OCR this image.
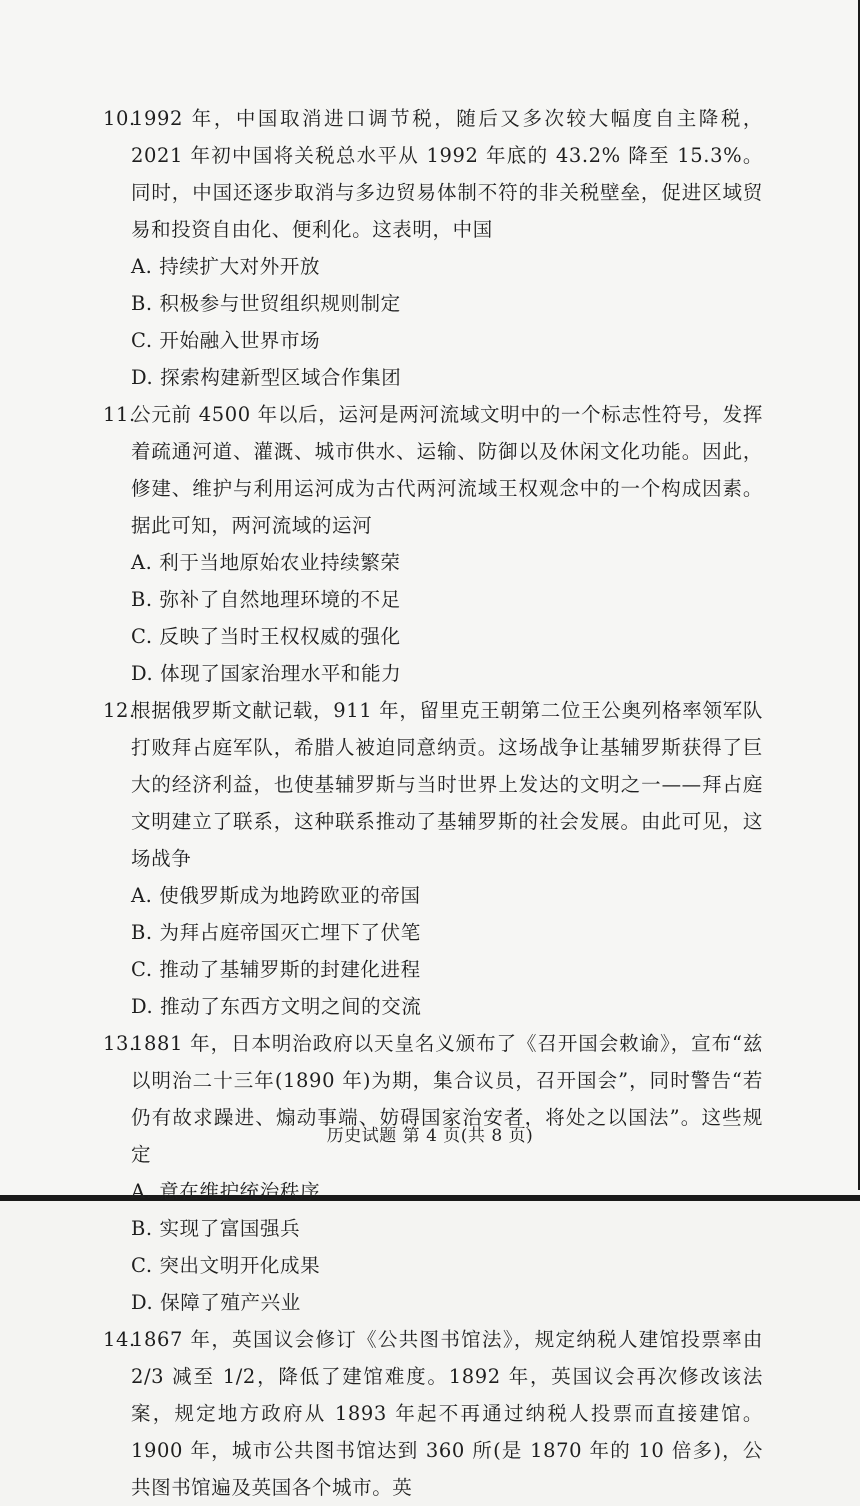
10.1992 年，中国取消进口调节税，随后又多次较大幅度自主降税，2021 年初中国将关税总水平从 1992 年底的 43.2% 降至 15.3%。同时，中国还逐步取消与多边贸易体制不符的非关税壁垒，促进区域贸易和投资自由化、便利化。这表明，中国

A. 持续扩大对外开放
B. 积极参与世贸组织规则制定
C. 开始融入世界市场
D. 探索构建新型区域合作集团

11.公元前 4500 年以后，运河是两河流域文明中的一个标志性符号，发挥着疏通河道、灌溉、城市供水、运输、防御以及休闲文化功能。因此，修建、维护与利用运河成为古代两河流域王权观念中的一个构成因素。据此可知，两河流域的运河

A. 利于当地原始农业持续繁荣
B. 弥补了自然地理环境的不足
C. 反映了当时王权权威的强化
D. 体现了国家治理水平和能力

12.根据俄罗斯文献记载，911 年，留里克王朝第二位王公奥列格率领军队打败拜占庭军队，希腊人被迫同意纳贡。这场战争让基辅罗斯获得了巨大的经济利益，也使基辅罗斯与当时世界上发达的文明之一——拜占庭文明建立了联系，这种联系推动了基辅罗斯的社会发展。由此可见，这场战争

A. 使俄罗斯成为地跨欧亚的帝国
B. 为拜占庭帝国灭亡埋下了伏笔
C. 推动了基辅罗斯的封建化进程
D. 推动了东西方文明之间的交流

13.1881 年，日本明治政府以天皇名义颁布了《召开国会敕谕》，宣布“兹以明治二十三年(1890 年)为期，集合议员，召开国会”，同时警告“若仍有故求躁进、煽动事端、妨碍国家治安者，将处之以国法”。这些规定

A. 意在维护统治秩序
B. 实现了富国强兵
C. 突出文明开化成果
D. 保障了殖产兴业

14.1867 年，英国议会修订《公共图书馆法》，规定纳税人建馆投票率由 2/3 减至 1/2，降低了建馆难度。1892 年，英国议会再次修改该法案，规定地方政府从 1893 年起不再通过纳税人投票而直接建馆。1900 年，城市公共图书馆达到 360 所(是 1870 年的 10 倍多)，公共图书馆遍及英国各个城市。英

历史试题 第 4 页(共 8 页)
